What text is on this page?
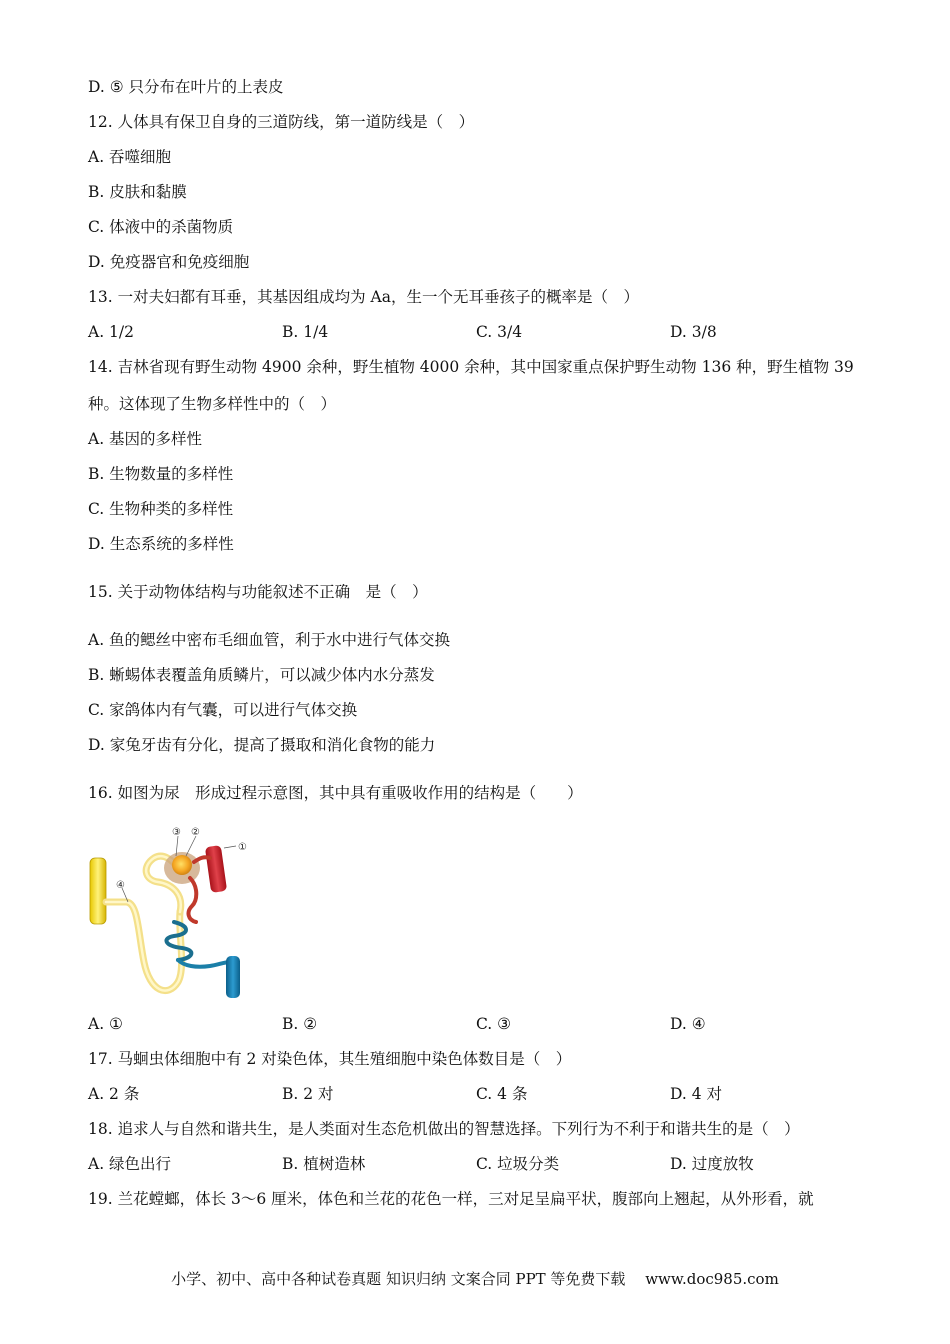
D. ⑤ 只分布在叶片的上表皮
12. 人体具有保卫自身的三道防线，第一道防线是（　）
A. 吞噬细胞
B. 皮肤和黏膜
C. 体液中的杀菌物质
D. 免疫器官和免疫细胞
13. 一对夫妇都有耳垂，其基因组成均为 Aa，生一个无耳垂孩子的概率是（　）
A. 1/2	B. 1/4	C. 3/4	D. 3/8
14. 吉林省现有野生动物 4900 余种，野生植物 4000 余种，其中国家重点保护野生动物 136 种，野生植物 39
种。这体现了生物多样性中的（　）
A. 基因的多样性
B. 生物数量的多样性
C. 生物种类的多样性
D. 生态系统的多样性
15. 关于动物体结构与功能叙述不正确　是（　）
A. 鱼的鳃丝中密布毛细血管，利于水中进行气体交换
B. 蜥蜴体表覆盖角质鳞片，可以减少体内水分蒸发
C. 家鸽体内有气囊，可以进行气体交换
D. 家兔牙齿有分化，提高了摄取和消化食物的能力
16. 如图为尿　形成过程示意图，其中具有重吸收作用的结构是（　　）
①
②
③
④
A. ①	B. ②	C. ③	D. ④
17. 马蛔虫体细胞中有 2 对染色体，其生殖细胞中染色体数目是（　）
A. 2 条	B. 2 对	C. 4 条	D. 4 对
18. 追求人与自然和谐共生，是人类面对生态危机做出的智慧选择。下列行为不利于和谐共生的是（　）
A. 绿色出行	B. 植树造林	C. 垃圾分类	D. 过度放牧
19. 兰花螳螂，体长 3～6 厘米，体色和兰花的花色一样，三对足呈扁平状，腹部向上翘起，从外形看，就
小学、初中、高中各种试卷真题 知识归纳 文案合同 PPT 等免费下载　 www.doc985.com
